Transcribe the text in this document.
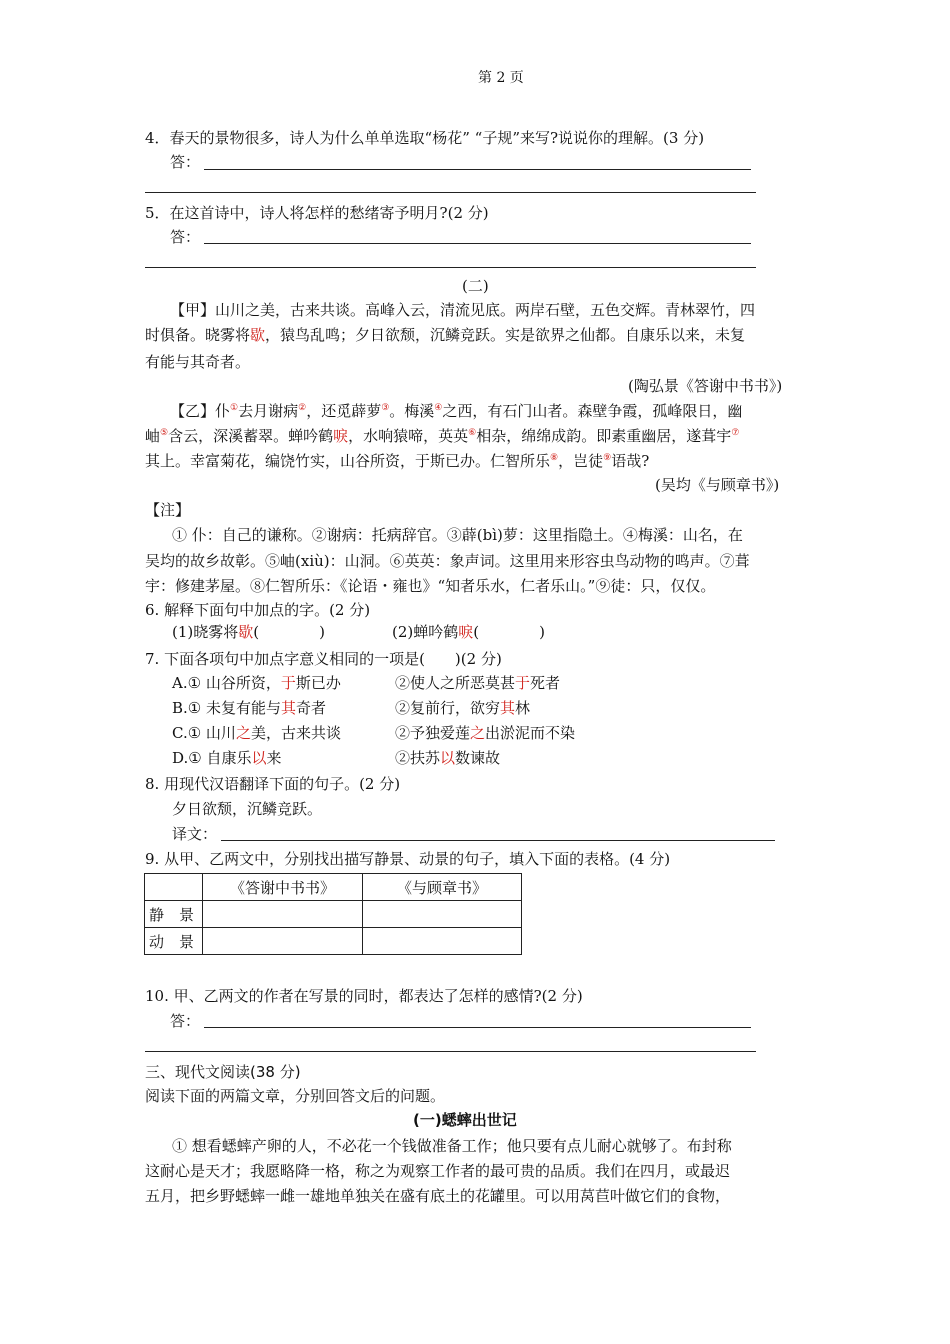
第 2 页
4．春天的景物很多，诗人为什么单单选取“杨花” “子规”来写?说说你的理解。(3 分)
答：
5．在这首诗中，诗人将怎样的愁绪寄予明月?(2 分)
答：
(二)
【甲】山川之美，古来共谈。高峰入云，清流见底。两岸石壁，五色交辉。青林翠竹，四
时俱备。晓雾将歇，猿鸟乱鸣；夕日欲颓，沉鳞竞跃。实是欲界之仙都。自康乐以来，未复
有能与其奇者。
(陶弘景《答谢中书书》)
【乙】仆①去月谢病②，还觅薜萝③。梅溪④之西，有石门山者。森壁争霞，孤峰限日，幽
岫⑤含云，深溪蓄翠。蝉吟鹤唳，水响猿啼，英英⑥相杂，绵绵成韵。即素重幽居，遂葺宇⑦
其上。幸富菊花，编饶竹实，山谷所资，于斯已办。仁智所乐⑧，岂徒⑨语哉?
(吴均《与顾章书》)
【注】
① 仆：自己的谦称。②谢病：托病辞官。③薜(bì)萝：这里指隐土。④梅溪：山名，在
吴均的故乡故彰。⑤岫(xiù)：山洞。⑥英英：象声词。这里用来形容虫鸟动物的鸣声。⑦葺
宇：修建茅屋。⑧仁智所乐：《论语・雍也》“知者乐水，仁者乐山。”⑨徒：只，仅仅。
6. 解释下面句中加点的字。(2 分)
(1)晓雾将歇(　　　　)	(2)蝉吟鹤唳(　　　　)
7. 下面各项句中加点字意义相同的一项是(　　)(2 分)
A.① 山谷所资，于斯已办	②使人之所恶莫甚于死者
B.① 未复有能与其奇者	②复前行，欲穷其林
C.① 山川之美，古来共谈	②予独爱莲之出淤泥而不染
D.① 自康乐以来	②扶苏以数谏故
8. 用现代汉语翻译下面的句子。(2 分)
夕日欲颓，沉鳞竞跃。
译文：
9. 从甲、乙两文中，分别找出描写静景、动景的句子，填入下面的表格。(4 分)
	《答谢中书书》	《与顾章书》
静　景		
动　景		
10. 甲、乙两文的作者在写景的同时，都表达了怎样的感情?(2 分)
答：
三、现代文阅读(38 分)
阅读下面的两篇文章，分别回答文后的问题。
(一)蟋蟀出世记
① 想看蟋蟀产卵的人，不必花一个钱做准备工作；他只要有点儿耐心就够了。布封称
这耐心是天才；我愿略降一格，称之为观察工作者的最可贵的品质。我们在四月，或最迟
五月，把乡野蟋蟀一雌一雄地单独关在盛有底土的花罐里。可以用莴苣叶做它们的食物，
